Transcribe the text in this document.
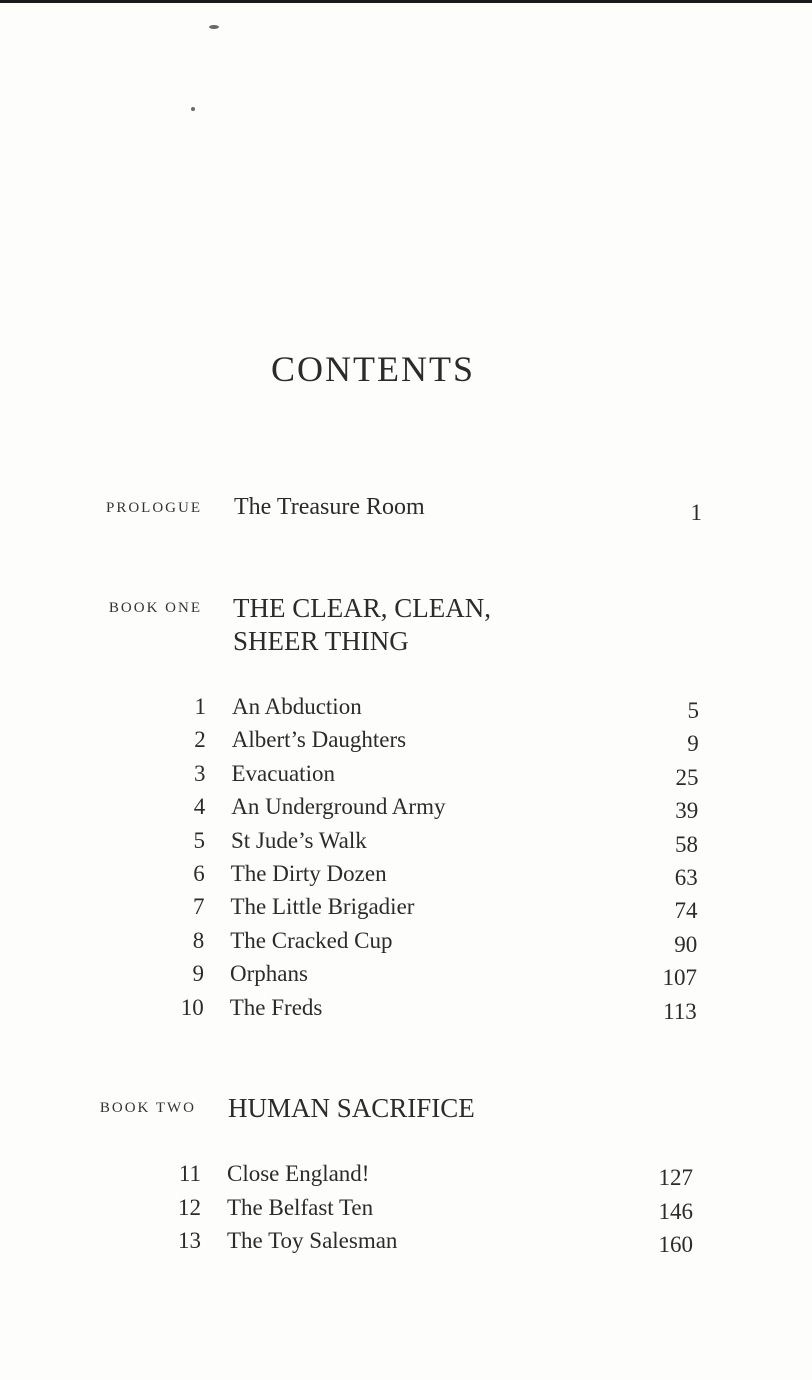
CONTENTS
PROLOGUE The Treasure Room	1
BOOK ONE THE CLEAR, CLEAN,
SHEER THING
1 An Abduction	5
2 Albert’s Daughters	9
3 Evacuation	25
4 An Underground Army	39
5 St Jude’s Walk	58
6 The Dirty Dozen	63
7 The Little Brigadier	74
8 The Cracked Cup	90
9 Orphans	107
10 The Freds	113
BOOK TWO HUMAN SACRIFICE
11 Close England!	127
12 The Belfast Ten	146
13 The Toy Salesman	160
